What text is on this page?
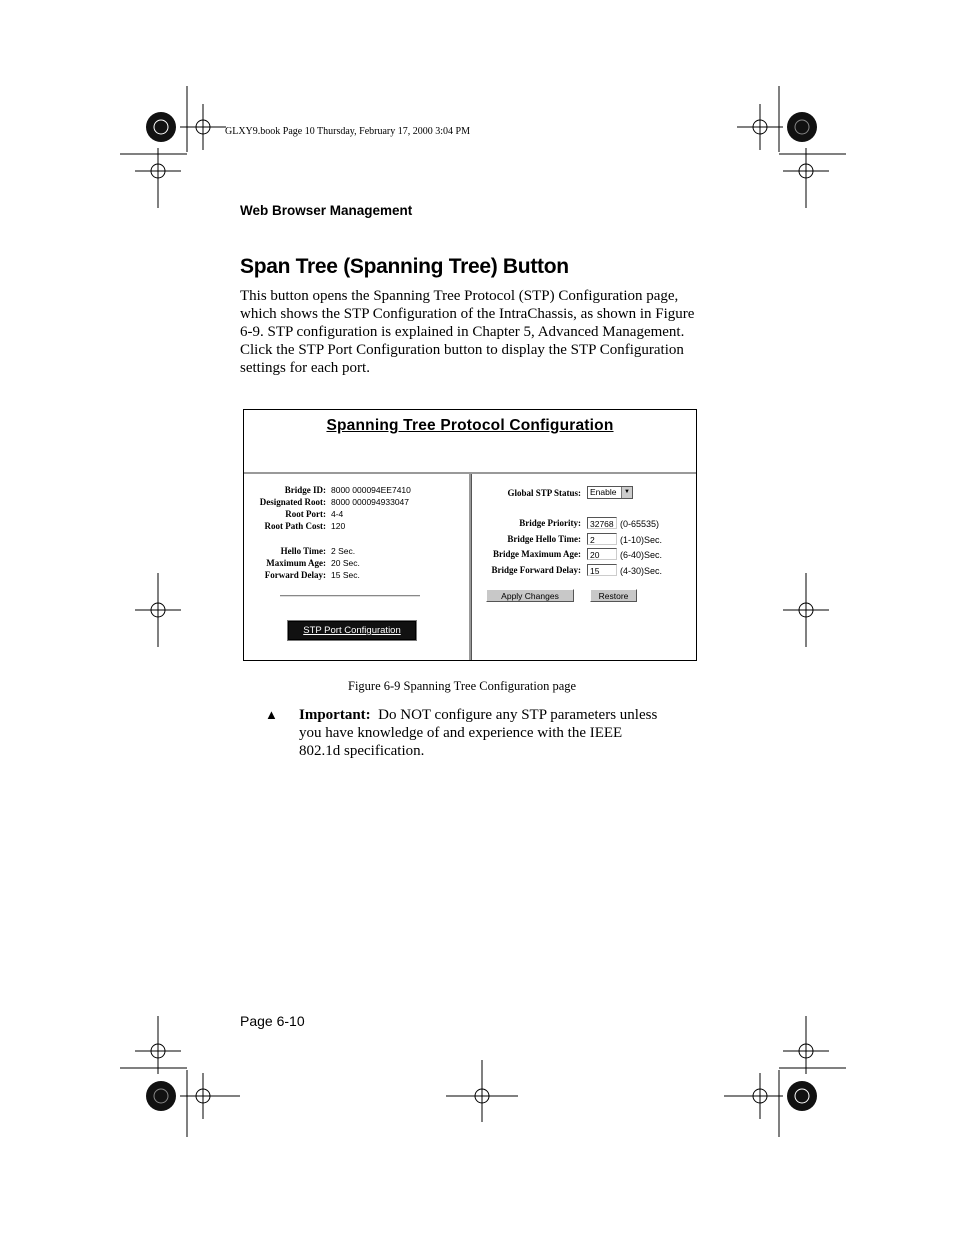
GLXY9.book Page 10 Thursday, February 17, 2000 3:04 PM
Web Browser Management
Span Tree (Spanning Tree) Button

This button opens the Spanning Tree Protocol (STP) Configuration page, which shows the STP Configuration of the IntraChassis, as shown in Figure 6-9. STP configuration is explained in Chapter 5, Advanced Management. Click the STP Port Configuration button to display the STP Configuration settings for each port.

Spanning Tree Protocol Configuration
Bridge ID: 8000 000094EE7410
Designated Root: 8000 000094933047
Root Port: 4-4
Root Path Cost: 120
Hello Time: 2 Sec.
Maximum Age: 20 Sec.
Forward Delay: 15 Sec.
STP Port Configuration
Global STP Status:	Enable	▼
Bridge Priority:	32768 (0-65535)
Bridge Hello Time:	2	(1-10)Sec.
Bridge Maximum Age:	20	(6-40)Sec.
Bridge Forward Delay:	15	(4-30)Sec.
Apply Changes	Restore
Figure 6-9 Spanning Tree Configuration page
▲ Important: Do NOT configure any STP parameters unless you have knowledge of and experience with the IEEE 802.1d specification.

Page 6-10
